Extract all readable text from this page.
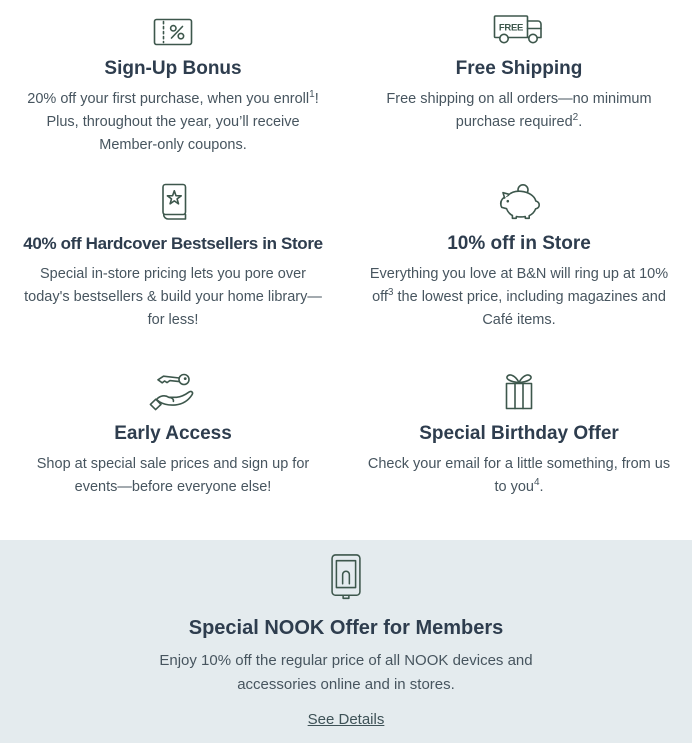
Sign-Up Bonus

20% off your first purchase, when you enroll$^1$! Plus, throughout the year, you’ll receive Member-only coupons.

FREE
Free Shipping

Free shipping on all orders—no minimum purchase required$^2$.

40% off Hardcover Bestsellers in Store

Special in-store pricing lets you pore over today's bestsellers & build your home library—for less!

10% off in Store

Everything you love at B&N will ring up at 10% off$^3$ the lowest price, including magazines and Café items.

Early Access

Shop at special sale prices and sign up for events—before everyone else!

Special Birthday Offer

Check your email for a little something, from us to you$^4$.

Special NOOK Offer for Members

Enjoy 10% off the regular price of all NOOK devices and accessories online and in stores.

See Details
